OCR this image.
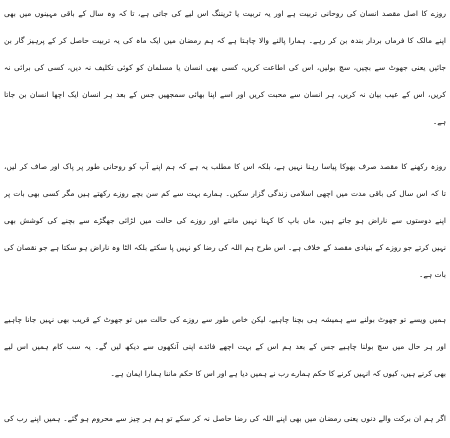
روزے کا اصل مقصد انسان کی روحانی تربیت ہے اور یہ تربیت یا ٹریننگ اس لیے کی جاتی ہے، تا کہ وہ سال کے باقی مہینوں میں بھی
اپنے مالک کا فرماں بردار بندہ بن کر رہے۔ ہمارا پالنے والا چاہتا ہے کہ ہم رمضان میں ایک ماہ کی یہ تربیت حاصل کر کے پرہیز گار بن
جائیں یعنی جھوٹ سے بچیں، سچ بولیں، اس کی اطاعت کریں، کسی بھی انسان یا مسلمان کو کوئی تکلیف نہ دیں، کسی کی برائی نہ
کریں، اس کے عیب بیان نہ کریں، ہر انسان سے محبت کریں اور اسے اپنا بھائی سمجھیں جس کے بعد ہر انسان ایک اچھا انسان بن جاتا
ہے۔
روزہ رکھنے کا مقصد صرف بھوکا پیاسا رہنا نہیں ہے، بلکہ اس کا مطلب یہ ہے کہ ہم اپنے آپ کو روحانی طور پر پاک اور صاف کر لیں،
تا کہ اس سال کی باقی مدت میں اچھی اسلامی زندگی گزار سکیں۔ ہمارے بہت سے کم سن بچے روزے رکھتے ہیں مگر کسی بھی بات پر
اپنے دوستوں سے ناراض ہو جاتے ہیں، ماں باپ کا کہنا نہیں مانتے اور روزے کی حالت میں لڑائی جھگڑے سے بچنے کی کوشش بھی
نہیں کرتے جو روزے کے بنیادی مقصد کے خلاف ہے۔ اس طرح ہم اللہ کی رضا کو نہیں پا سکتے بلکہ الٹا وہ ناراض ہو سکتا ہے جو نقصان کی
بات ہے۔
ہمیں ویسے تو جھوٹ بولنے سے ہمیشہ ہی بچنا چاہیے، لیکن خاص طور سے روزے کی حالت میں تو جھوٹ کے قریب بھی نہیں جانا چاہیے
اور ہر حال میں سچ بولنا چاہیے جس کے بعد ہم اس کے بہت اچھے فائدے اپنی آنکھوں سے دیکھ لیں گے۔ یہ سب کام ہمیں اس لیے
بھی کرنے ہیں، کیوں کہ انہیں کرنے کا حکم ہمارے رب نے ہمیں دیا ہے اور اس کا حکم ماننا ہمارا ایمان ہے۔
اگر ہم ان برکت والے دنوں یعنی رمضان میں بھی اپنے اللہ کی رضا حاصل نہ کر سکے تو ہم ہر چیز سے محروم ہو گئے۔ ہمیں اپنے رب کی
